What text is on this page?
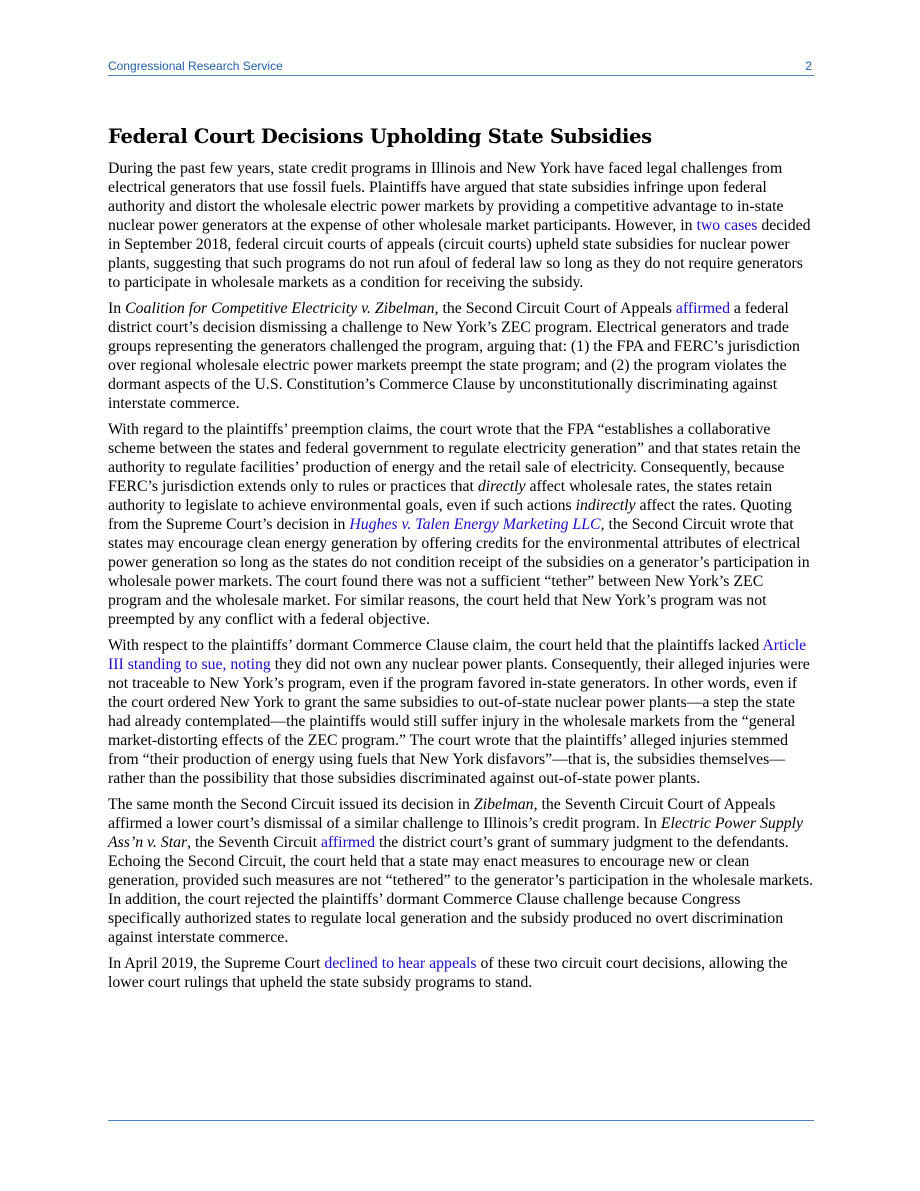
Congressional Research Service	2
Federal Court Decisions Upholding State Subsidies

During the past few years, state credit programs in Illinois and New York have faced legal challenges from electrical generators that use fossil fuels. Plaintiffs have argued that state subsidies infringe upon federal authority and distort the wholesale electric power markets by providing a competitive advantage to in-state nuclear power generators at the expense of other wholesale market participants. However, in two cases decided in September 2018, federal circuit courts of appeals (circuit courts) upheld state subsidies for nuclear power plants, suggesting that such programs do not run afoul of federal law so long as they do not require generators to participate in wholesale markets as a condition for receiving the subsidy.

In Coalition for Competitive Electricity v. Zibelman, the Second Circuit Court of Appeals affirmed a federal district court’s decision dismissing a challenge to New York’s ZEC program. Electrical generators and trade groups representing the generators challenged the program, arguing that: (1) the FPA and FERC’s jurisdiction over regional wholesale electric power markets preempt the state program; and (2) the program violates the dormant aspects of the U.S. Constitution’s Commerce Clause by unconstitutionally discriminating against interstate commerce.

With regard to the plaintiffs’ preemption claims, the court wrote that the FPA “establishes a collaborative scheme between the states and federal government to regulate electricity generation” and that states retain the authority to regulate facilities’ production of energy and the retail sale of electricity. Consequently, because FERC’s jurisdiction extends only to rules or practices that directly affect wholesale rates, the states retain authority to legislate to achieve environmental goals, even if such actions indirectly affect the rates. Quoting from the Supreme Court’s decision in Hughes v. Talen Energy Marketing LLC, the Second Circuit wrote that states may encourage clean energy generation by offering credits for the environmental attributes of electrical power generation so long as the states do not condition receipt of the subsidies on a generator’s participation in wholesale power markets. The court found there was not a sufficient “tether” between New York’s ZEC program and the wholesale market. For similar reasons, the court held that New York’s program was not preempted by any conflict with a federal objective.

With respect to the plaintiffs’ dormant Commerce Clause claim, the court held that the plaintiffs lacked Article III standing to sue, noting they did not own any nuclear power plants. Consequently, their alleged injuries were not traceable to New York’s program, even if the program favored in-state generators. In other words, even if the court ordered New York to grant the same subsidies to out-of-state nuclear power plants—a step the state had already contemplated—the plaintiffs would still suffer injury in the wholesale markets from the “general market-distorting effects of the ZEC program.” The court wrote that the plaintiffs’ alleged injuries stemmed from “their production of energy using fuels that New York disfavors”—that is, the subsidies themselves—rather than the possibility that those subsidies discriminated against out-of-state power plants.

The same month the Second Circuit issued its decision in Zibelman, the Seventh Circuit Court of Appeals affirmed a lower court’s dismissal of a similar challenge to Illinois’s credit program. In Electric Power Supply Ass’n v. Star, the Seventh Circuit affirmed the district court’s grant of summary judgment to the defendants. Echoing the Second Circuit, the court held that a state may enact measures to encourage new or clean generation, provided such measures are not “tethered” to the generator’s participation in the wholesale markets. In addition, the court rejected the plaintiffs’ dormant Commerce Clause challenge because Congress specifically authorized states to regulate local generation and the subsidy produced no overt discrimination against interstate commerce.

In April 2019, the Supreme Court declined to hear appeals of these two circuit court decisions, allowing the lower court rulings that upheld the state subsidy programs to stand.
